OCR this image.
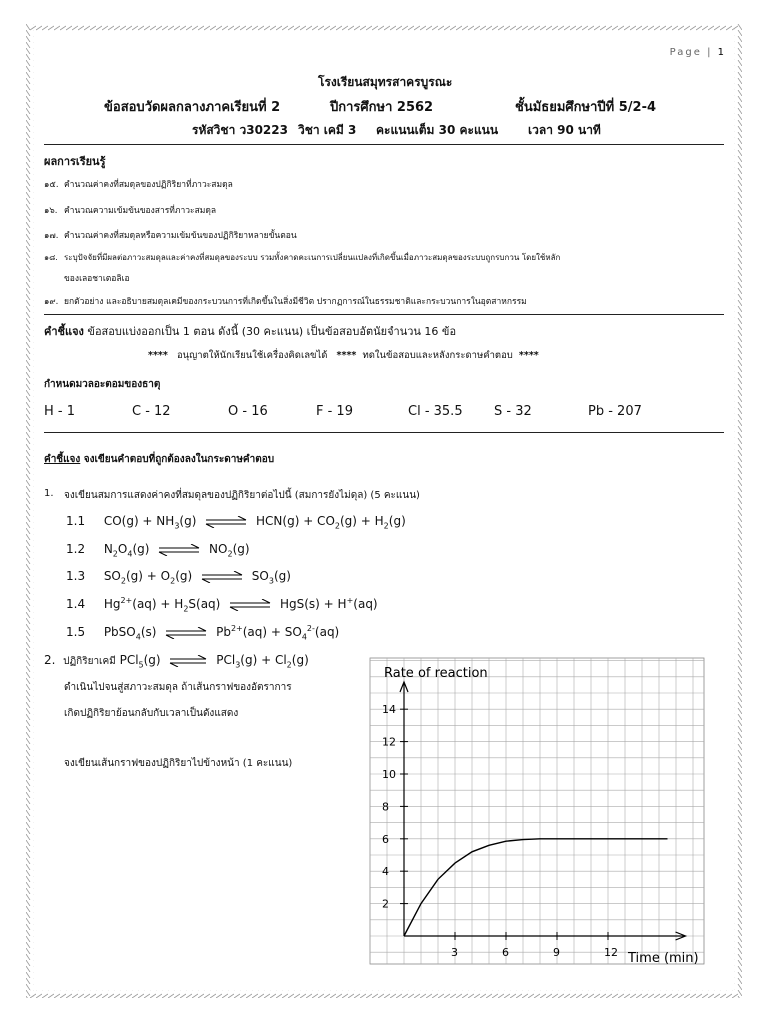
Page | 1
โรงเรียนสมุทรสาครบูรณะ
ข้อสอบวัดผลกลางภาคเรียนที่ 2	ปีการศึกษา 2562	ชั้นมัธยมศึกษาปีที่ 5/2-4
รหัสวิชา ว30223 วิชา เคมี 3 คะแนนเต็ม 30 คะแนน เวลา 90 นาที
ผลการเรียนรู้
๑๕. คำนวณค่าคงที่สมดุลของปฏิกิริยาที่ภาวะสมดุล
๑๖. คำนวณความเข้มข้นของสารที่ภาวะสมดุล
๑๗. คำนวณค่าคงที่สมดุลหรือความเข้มข้นของปฏิกิริยาหลายขั้นตอน
๑๘. ระบุปัจจัยที่มีผลต่อภาวะสมดุลและค่าคงที่สมดุลของระบบ รวมทั้งคาดคะเนการเปลี่ยนแปลงที่เกิดขึ้นเมื่อภาวะสมดุลของระบบถูกรบกวน โดยใช้หลัก
ของเลอชาเตอลิเอ
๑๙. ยกตัวอย่าง และอธิบายสมดุลเคมีของกระบวนการที่เกิดขึ้นในสิ่งมีชีวิต ปรากฏการณ์ในธรรมชาติและกระบวนการในอุตสาหกรรม
คำชี้แจง ข้อสอบแบ่งออกเป็น 1 ตอน ดังนี้ (30 คะแนน) เป็นข้อสอบอัตนัยจำนวน 16 ข้อ
**** อนุญาตให้นักเรียนใช้เครื่องคิดเลขได้ **** ทดในข้อสอบและหลังกระดาษคำตอบ ****
กำหนดมวลอะตอมของธาตุ
H - 1	C - 12	O - 16	F - 19	Cl - 35.5 S - 32	Pb - 207
คำชี้แจง จงเขียนคำตอบที่ถูกต้องลงในกระดาษคำตอบ
1. จงเขียนสมการแสดงค่าคงที่สมดุลของปฏิกิริยาต่อไปนี้ (สมการยังไม่ดุล) (5 คะแนน)
1.1 $CO(g) + NH_3(g)$ ⇌ $HCN(g) + CO_2(g) + H_2(g)$
1.2 $N_2O_4(g)$ ⇌ $NO_2(g)$
1.3 $SO_2(g) + O_2(g)$ ⇌ $SO_3(g)$
1.4 $Hg^{2+}(aq) + H_2S(aq)$ ⇌ HgS(s) + H+(aq)
1.5 PbSO$_4$(s) ⇌ $Pb^{2+}(aq) + SO_4^{2-}(aq)$
2. ปฏิกิริยาเคมี PCl$_5$(g) ⇌ $PCl_3(g) + Cl_2(g)$
ดำเนินไปจนสู่สภาวะสมดุล ถ้าเส้นกราฟของอัตราการ
เกิดปฏิกิริยาย้อนกลับกับเวลาเป็นดังแสดง
จงเขียนเส้นกราฟของปฏิกิริยาไปข้างหน้า (1 คะแนน)
2
4
6
8
10
12
14
3	6	9	12
Rate of reaction
Time (min)
